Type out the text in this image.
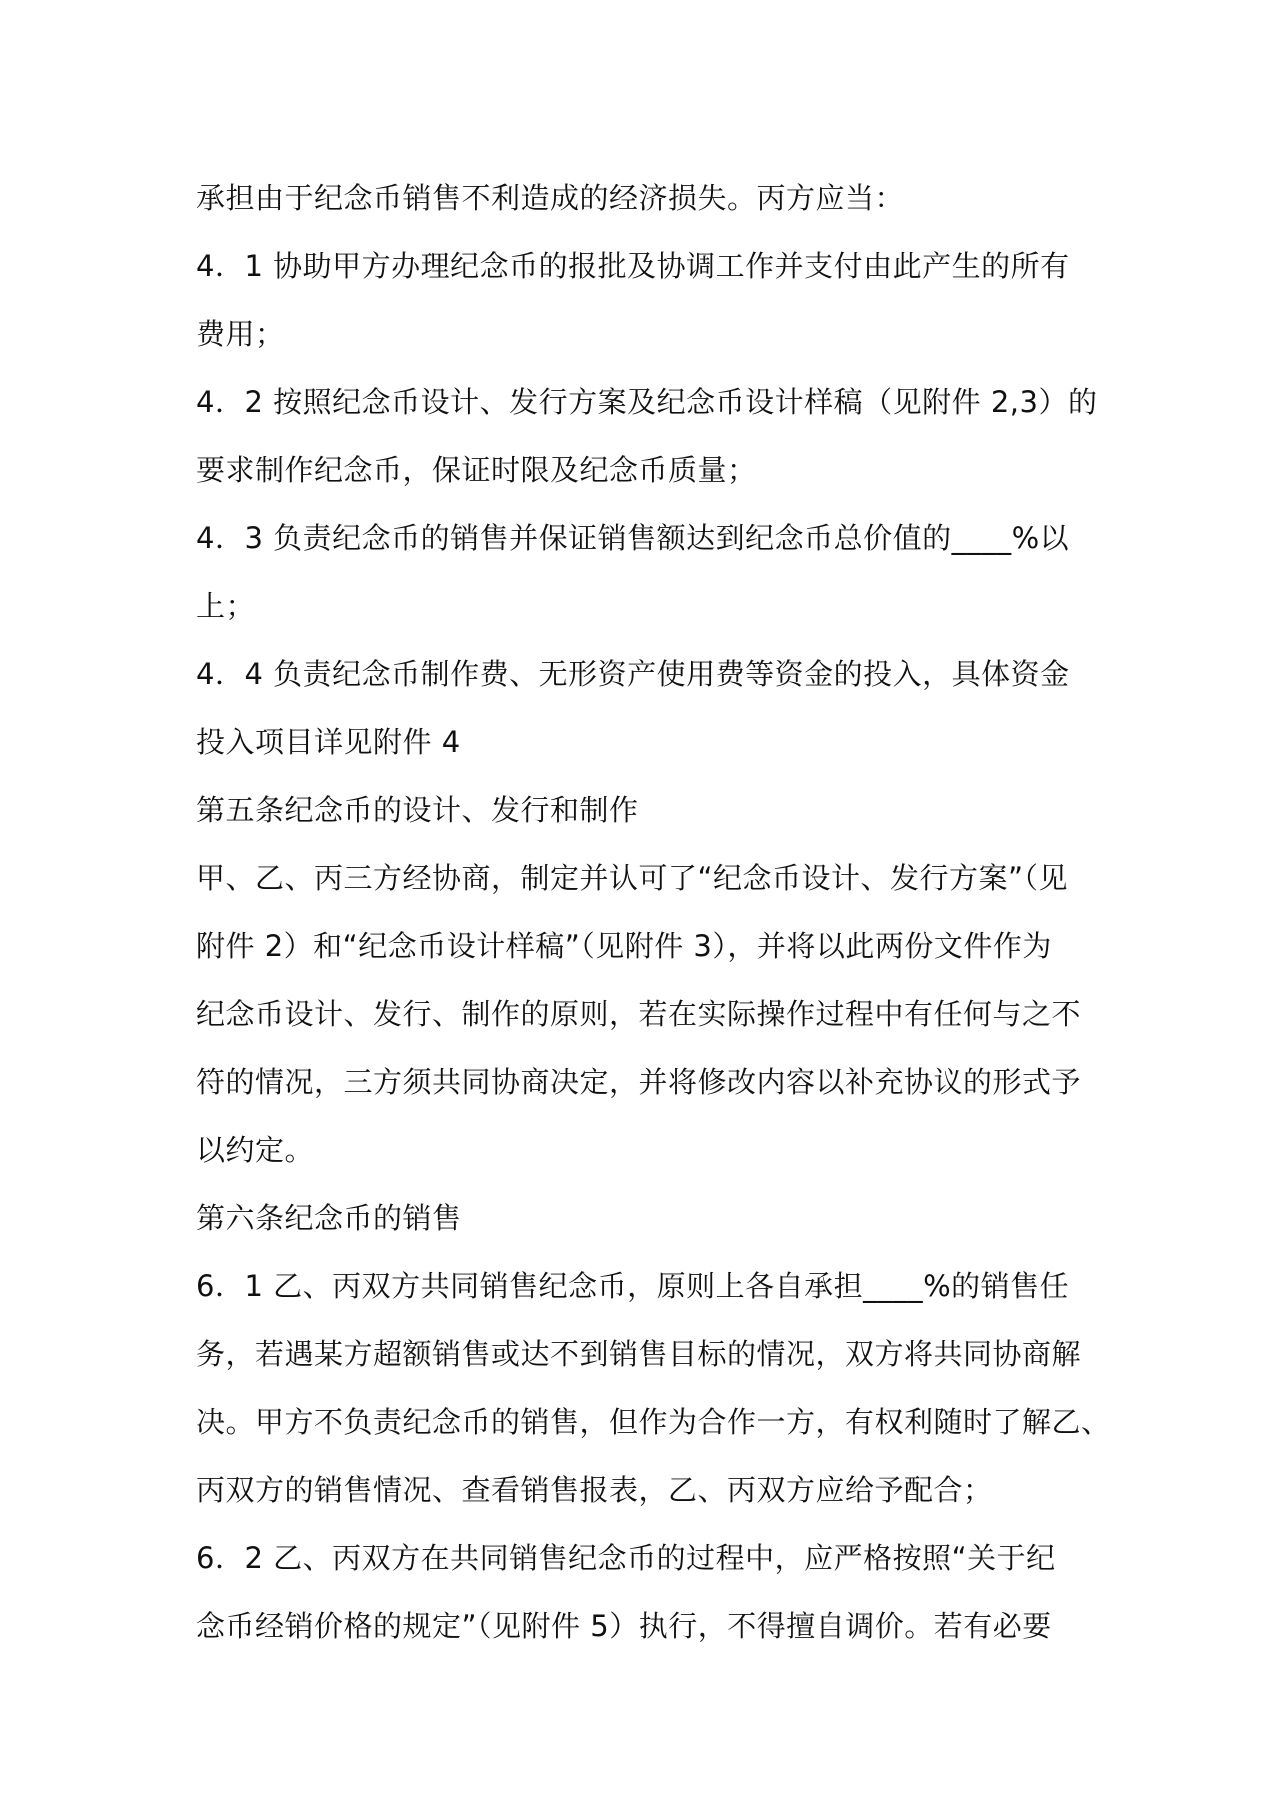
承担由于纪念币销售不利造成的经济损失。丙方应当：
4．1 协助甲方办理纪念币的报批及协调工作并支付由此产生的所有
费用；
4．2 按照纪念币设计、发行方案及纪念币设计样稿（见附件 2,3）的
要求制作纪念币，保证时限及纪念币质量；
4．3 负责纪念币的销售并保证销售额达到纪念币总价值的____%以
上；
4．4 负责纪念币制作费、无形资产使用费等资金的投入，具体资金
投入项目详见附件 4
第五条纪念币的设计、发行和制作
甲、乙、丙三方经协商，制定并认可了“纪念币设计、发行方案”（见
附件 2）和“纪念币设计样稿”（见附件 3），并将以此两份文件作为
纪念币设计、发行、制作的原则，若在实际操作过程中有任何与之不
符的情况，三方须共同协商决定，并将修改内容以补充协议的形式予
以约定。
第六条纪念币的销售
6．1 乙、丙双方共同销售纪念币，原则上各自承担____%的销售任
务，若遇某方超额销售或达不到销售目标的情况，双方将共同协商解
决。甲方不负责纪念币的销售，但作为合作一方，有权利随时了解乙、
丙双方的销售情况、查看销售报表，乙、丙双方应给予配合；
6．2 乙、丙双方在共同销售纪念币的过程中，应严格按照“关于纪
念币经销价格的规定”（见附件 5）执行，不得擅自调价。若有必要
